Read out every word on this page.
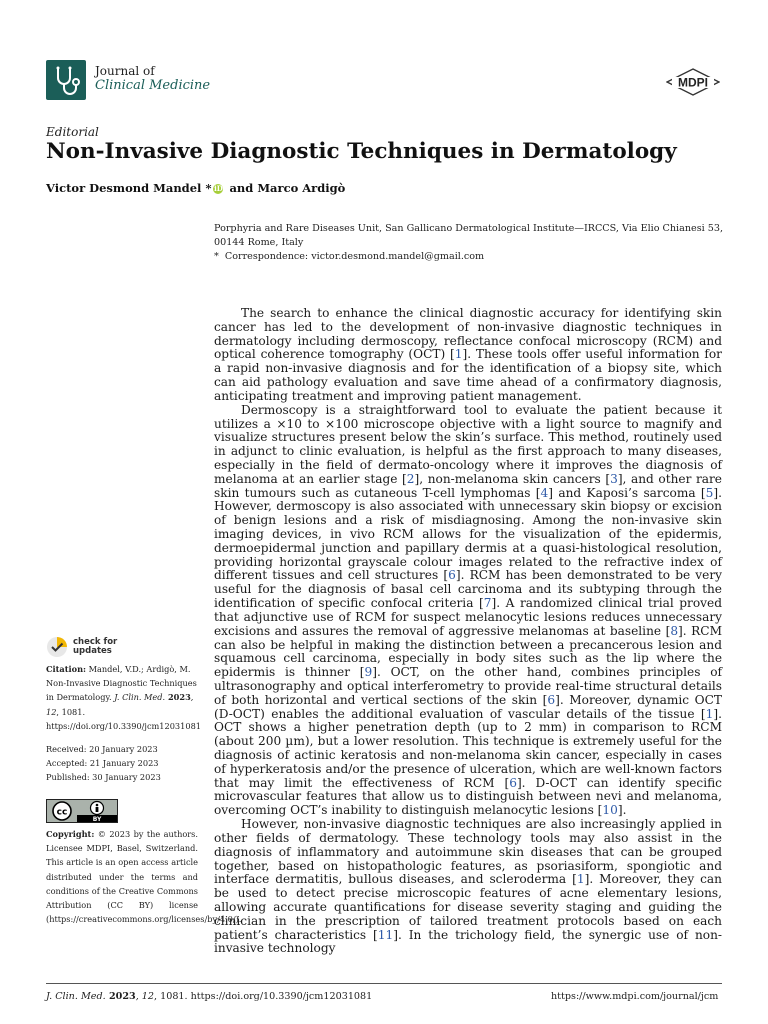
Journal of
Clinical Medicine	MDPI
Editorial
Non-Invasive Diagnostic Techniques in Dermatology
Victor Desmond Mandel * iD and Marco Ardigò
Porphyria and Rare Diseases Unit, San Gallicano Dermatological Institute—IRCCS, Via Elio Chianesi 53, 00144 Rome, Italy
*  Correspondence: victor.desmond.mandel@gmail.com

The search to enhance the clinical diagnostic accuracy for identifying skin cancer has led to the development of non-invasive diagnostic techniques in dermatology including dermoscopy, reflectance confocal microscopy (RCM) and optical coherence tomography (OCT) [1]. These tools offer useful information for a rapid non-invasive diagnosis and for the identification of a biopsy site, which can aid pathology evaluation and save time ahead of a confirmatory diagnosis, anticipating treatment and improving patient management.

Dermoscopy is a straightforward tool to evaluate the patient because it utilizes a ×10 to ×100 microscope objective with a light source to magnify and visualize structures present below the skin’s surface. This method, routinely used in adjunct to clinic evaluation, is helpful as the first approach to many diseases, especially in the field of dermato-oncology where it improves the diagnosis of melanoma at an earlier stage [2], non-melanoma skin cancers [3], and other rare skin tumours such as cutaneous T-cell lymphomas [4] and Kaposi’s sarcoma [5]. However, dermoscopy is also associated with unnecessary skin biopsy or excision of benign lesions and a risk of misdiagnosing. Among the non-invasive skin imaging devices, in vivo RCM allows for the visualization of the epidermis, dermoepidermal junction and papillary dermis at a quasi-histological resolution, providing horizontal grayscale colour images related to the refractive index of different tissues and cell structures [6]. RCM has been demonstrated to be very useful for the diagnosis of basal cell carcinoma and its subtyping through the identification of specific confocal criteria [7]. A randomized clinical trial proved that adjunctive use of RCM for suspect melanocytic lesions reduces unnecessary excisions and assures the removal of aggressive melanomas at baseline [8]. RCM can also be helpful in making the distinction between a precancerous lesion and squamous cell carcinoma, especially in body sites such as the lip where the epidermis is thinner [9]. OCT, on the other hand, combines principles of ultrasonography and optical interferometry to provide real-time structural details of both horizontal and vertical sections of the skin [6]. Moreover, dynamic OCT (D-OCT) enables the additional evaluation of vascular details of the tissue [1]. OCT shows a higher penetration depth (up to 2 mm) in comparison to RCM (about 200 µm), but a lower resolution. This technique is extremely useful for the diagnosis of actinic keratosis and non-melanoma skin cancer, especially in cases of hyperkeratosis and/or the presence of ulceration, which are well-known factors that may limit the effectiveness of RCM [6]. D-OCT can identify specific microvascular features that allow us to distinguish between nevi and melanoma, overcoming OCT’s inability to distinguish melanocytic lesions [10].

However, non-invasive diagnostic techniques are also increasingly applied in other fields of dermatology. These technology tools may also assist in the diagnosis of inflammatory and autoimmune skin diseases that can be grouped together, based on histopathologic features, as psoriasiform, spongiotic and interface dermatitis, bullous diseases, and scleroderma [1]. Moreover, they can be used to detect precise microscopic features of acne elementary lesions, allowing accurate quantifications for disease severity staging and guiding the clinician in the prescription of tailored treatment protocols based on each patient’s characteristics [11]. In the trichology field, the synergic use of non-invasive technology

check for
updates
Citation: Mandel, V.D.; Ardigò, M. Non-Invasive Diagnostic Techniques in Dermatology. J. Clin. Med. 2023, 12, 1081. https://doi.org/10.3390/jcm12031081
Received: 20 January 2023
Accepted: 21 January 2023
Published: 30 January 2023
cc
BY
Copyright: © 2023 by the authors. Licensee MDPI, Basel, Switzerland. This article is an open access article distributed under the terms and conditions of the Creative Commons Attribution (CC BY) license (https://creativecommons.org/licenses/by/4.0/).
J. Clin. Med. 2023, 12, 1081. https://doi.org/10.3390/jcm12031081	https://www.mdpi.com/journal/jcm
